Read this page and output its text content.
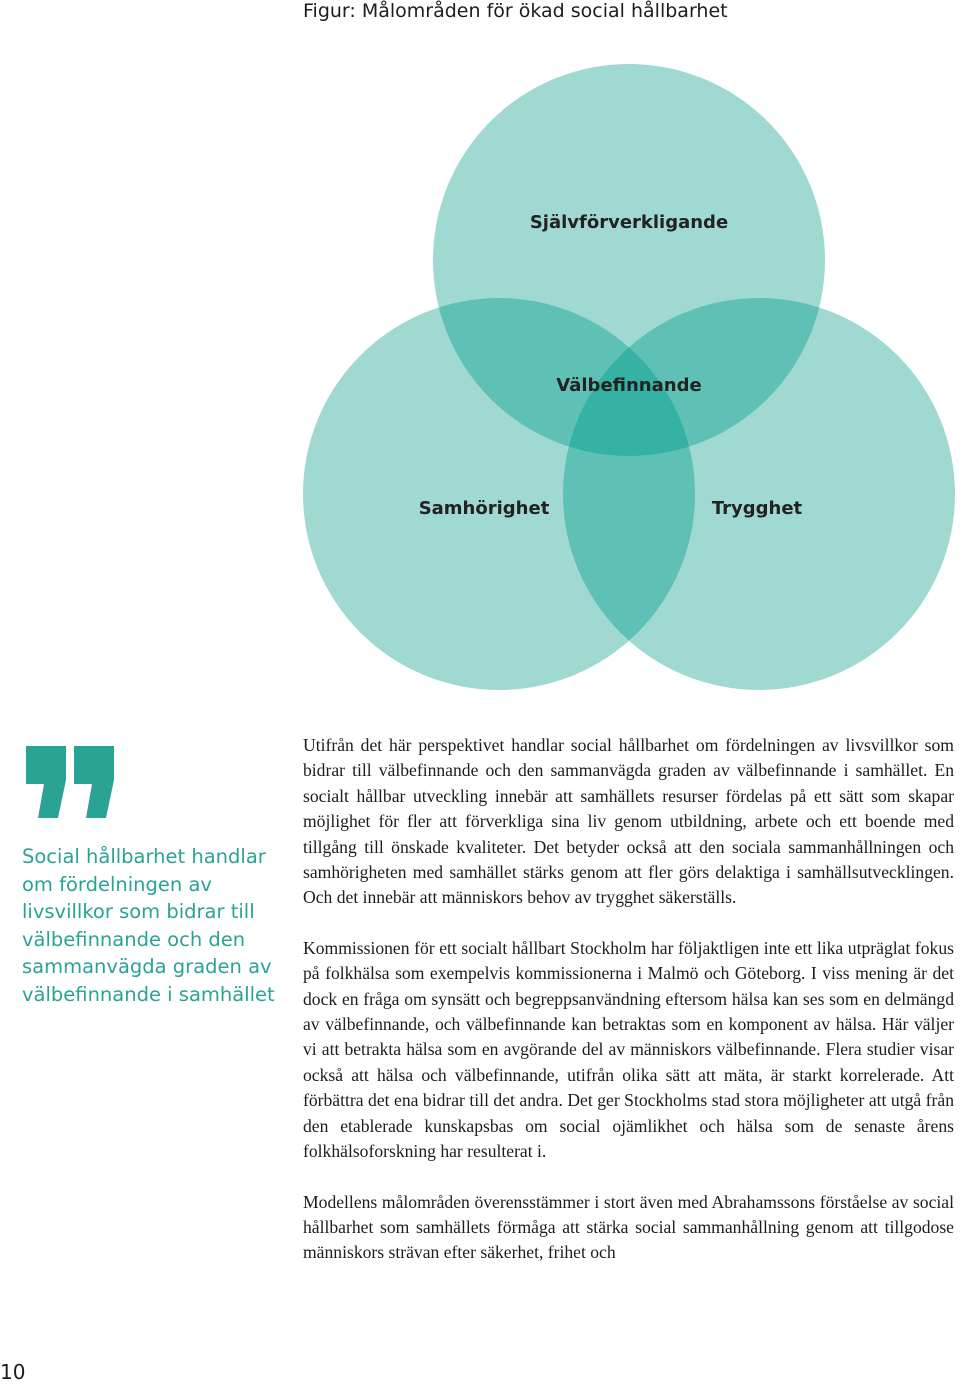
Figur: Målområden för ökad social hållbarhet
Självförverkligande
Välbefinnande
Samhörighet	Trygghet

Social hållbarhet handlar om fördelningen av livsvillkor som bidrar till välbefinnande och den sammanvägda graden av välbefinnande i samhället

Utifrån det här perspektivet handlar social hållbarhet om fördelningen av livsvillkor som bidrar till välbefinnande och den sammanvägda graden av välbefinnande i samhället. En socialt hållbar utveckling innebär att samhällets resurser fördelas på ett sätt som skapar möjlighet för fler att förverkliga sina liv genom utbildning, arbete och ett boende med tillgång till önskade kvaliteter. Det betyder också att den sociala sammanhållningen och samhörigheten med samhället stärks genom att fler görs delaktiga i samhällsutvecklingen. Och det innebär att människors behov av trygghet säkerställs.

Kommissionen för ett socialt hållbart Stockholm har följaktligen inte ett lika utpräglat fokus på folkhälsa som exempelvis kommissionerna i Malmö och Göteborg. I viss mening är det dock en fråga om synsätt och begreppsanvändning eftersom hälsa kan ses som en delmängd av välbefinnande, och välbefinnande kan betraktas som en komponent av hälsa. Här väljer vi att betrakta hälsa som en avgörande del av människors välbefinnande. Flera studier visar också att hälsa och välbefinnande, utifrån olika sätt att mäta, är starkt korrelerade. Att förbättra det ena bidrar till det andra. Det ger Stockholms stad stora möjligheter att utgå från den etablerade kunskapsbas om social ojämlikhet och hälsa som de senaste årens folkhälsoforskning har resulterat i.

Modellens målområden överensstämmer i stort även med Abrahamssons förståelse av social hållbarhet som samhällets förmåga att stärka social sammanhållning genom att tillgodose människors strävan efter säkerhet, frihet och

10
